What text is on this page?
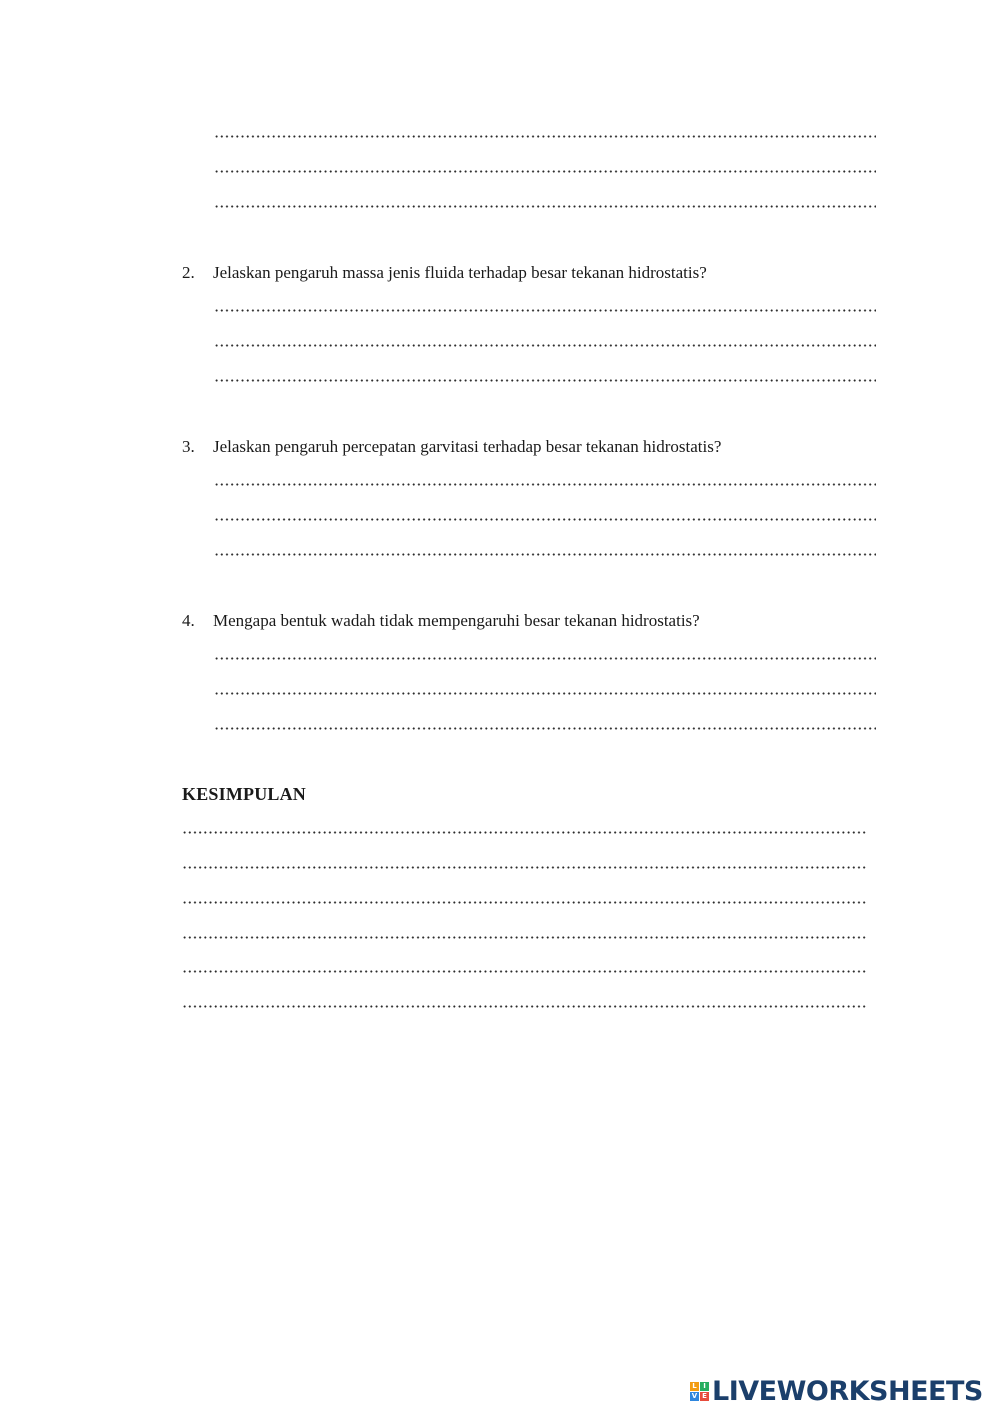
2. Jelaskan pengaruh massa jenis fluida terhadap besar tekanan hidrostatis?
3. Jelaskan pengaruh percepatan garvitasi terhadap besar tekanan hidrostatis?
4. Mengapa bentuk wadah tidak mempengaruhi besar tekanan hidrostatis?
KESIMPULAN
L I
V E LIVEWORKSHEETS
